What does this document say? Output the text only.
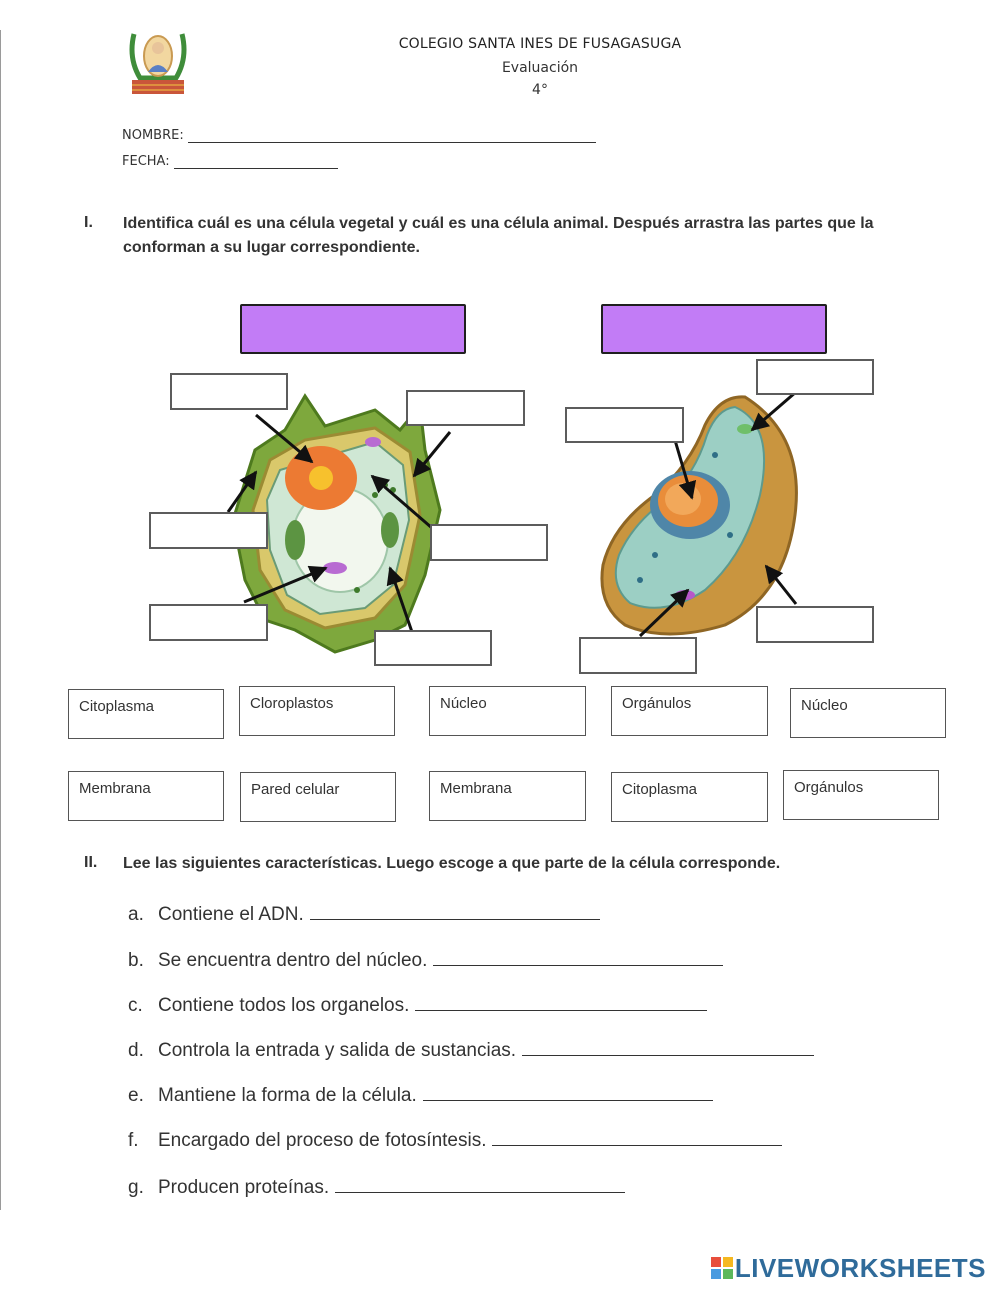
COLEGIO SANTA INES DE FUSAGASUGA
Evaluación
4°
NOMBRE:
FECHA:
I. Identifica cuál es una célula vegetal y cuál es una célula animal. Después arrastra las partes que la
conforman a su lugar correspondiente.
Citoplasma	Cloroplastos	Núcleo	Orgánulos	Núcleo
Membrana	Pared celular	Membrana	Citoplasma	Orgánulos
II. Lee las siguientes características. Luego escoge a que parte de la célula corresponde.
a. Contiene el ADN.
b. Se encuentra dentro del núcleo.
c. Contiene todos los organelos.
d. Controla la entrada y salida de sustancias.
e. Mantiene la forma de la célula.
f. Encargado del proceso de fotosíntesis.
g. Producen proteínas.
LIVEWORKSHEETS
